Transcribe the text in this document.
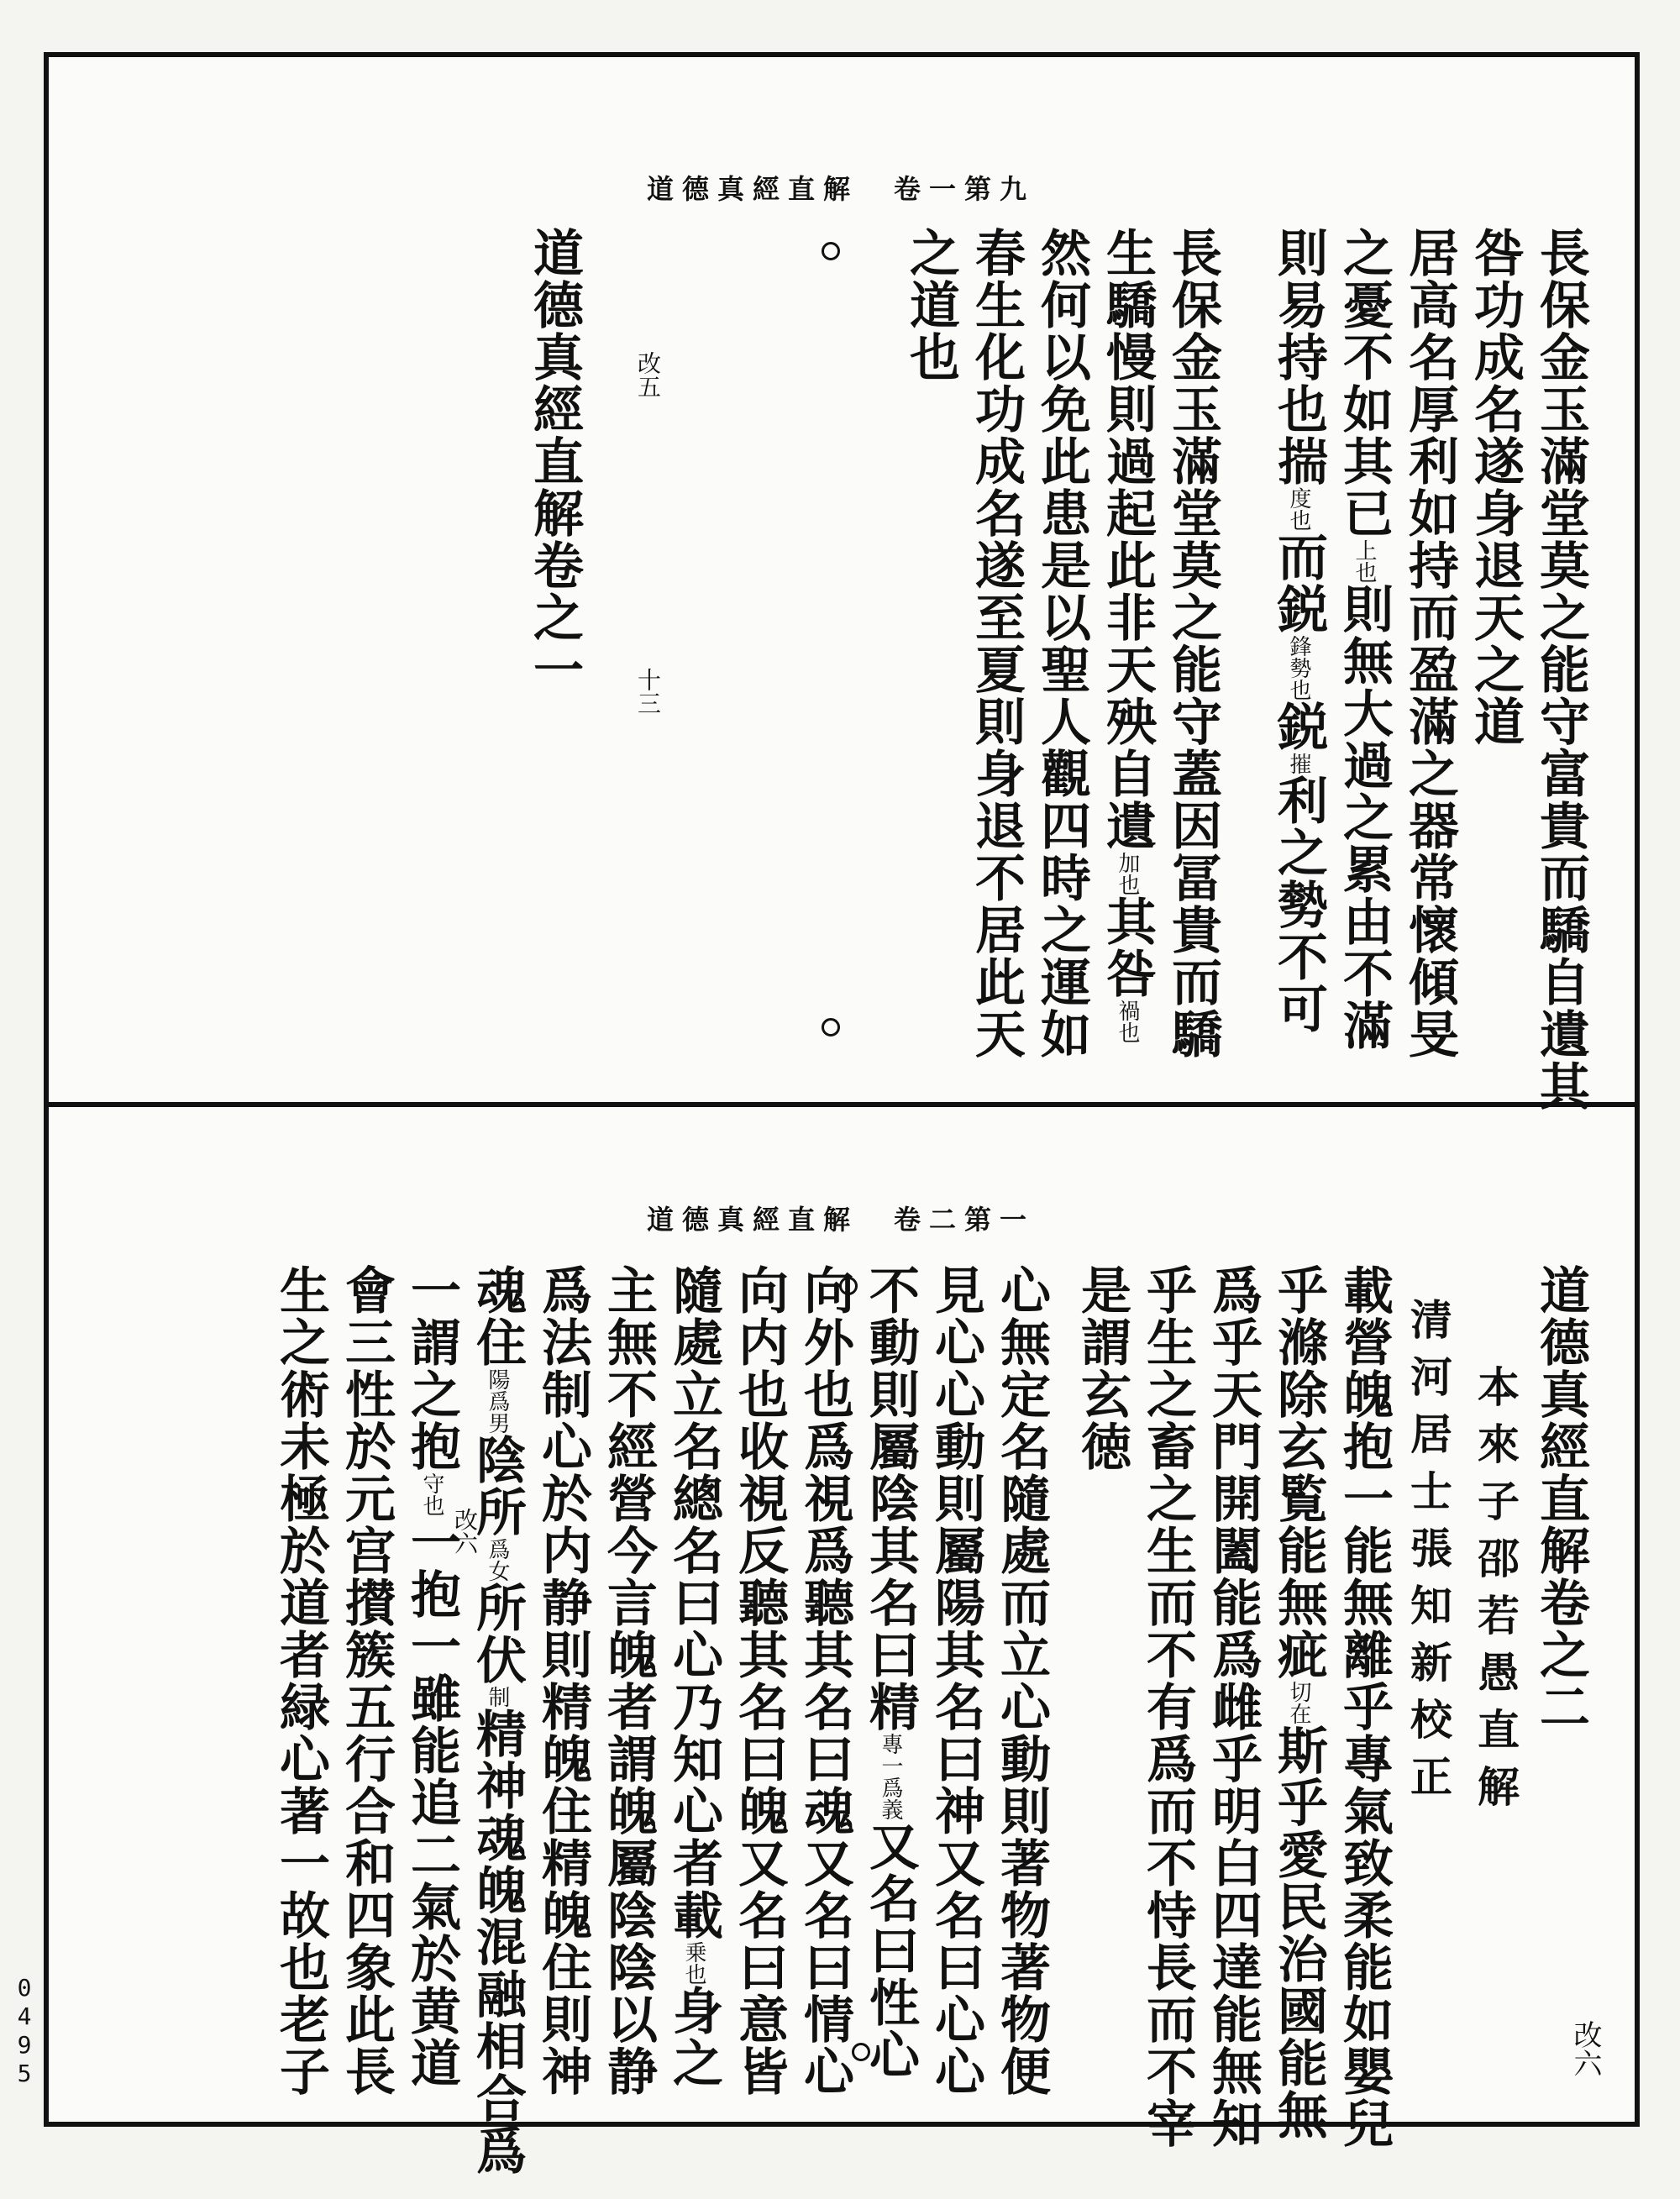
道德真經直解　卷一第九
長保金玉滿堂莫之能守富貴而驕自遺其
咎功成名遂身退天之道
居高名厚利如持而盈滿之器常懷傾旻
之憂不如其已上也則無大過之累由不滿
則易持也揣度也而鋭鋒勢也鋭摧利之勢不可
長保金玉滿堂莫之能守蓋因冨貴而驕
生驕慢則過起此非天殃自遺加也其咎禍也
然何以免此患是以聖人觀四時之運如
春生化功成名遂至夏則身退不居此天
之道也
道德真經直解卷之一 改五
十三
道德真經直解　卷二第一
道德真經直解卷之二
本來子邵若愚直解
清河居士張知新校正
改六
改六	載營魄抱一能無離乎專氣致柔能如嬰兒
乎滌除玄覧能無疵切在斯乎愛民治國能無
爲乎天門開闔能爲雌乎明白四達能無知
乎生之畜之生而不有爲而不恃長而不宰
是謂玄徳
心無定名隨處而立心動則著物著物便
見心心動則屬陽其名曰神又名曰心心
不動則屬陰其名曰精專一爲義又名曰性心
向外也爲視爲聽其名曰魂又名曰情心
向内也收視反聽其名曰魄又名曰意皆
隨處立名總名曰心乃知心者載乗也身之
主無不經營今言魄者謂魄屬陰陰以静
爲法制心於内静則精魄住精魄住則神
魂住陽爲男陰所爲女所伏制精神魂魄混融相合爲
一謂之抱守也一抱一雖能追二氣於黄道
會三性於元宫攅簇五行合和四象此長
生之術未極於道者緑心著一故也老子
0
4
9
5
